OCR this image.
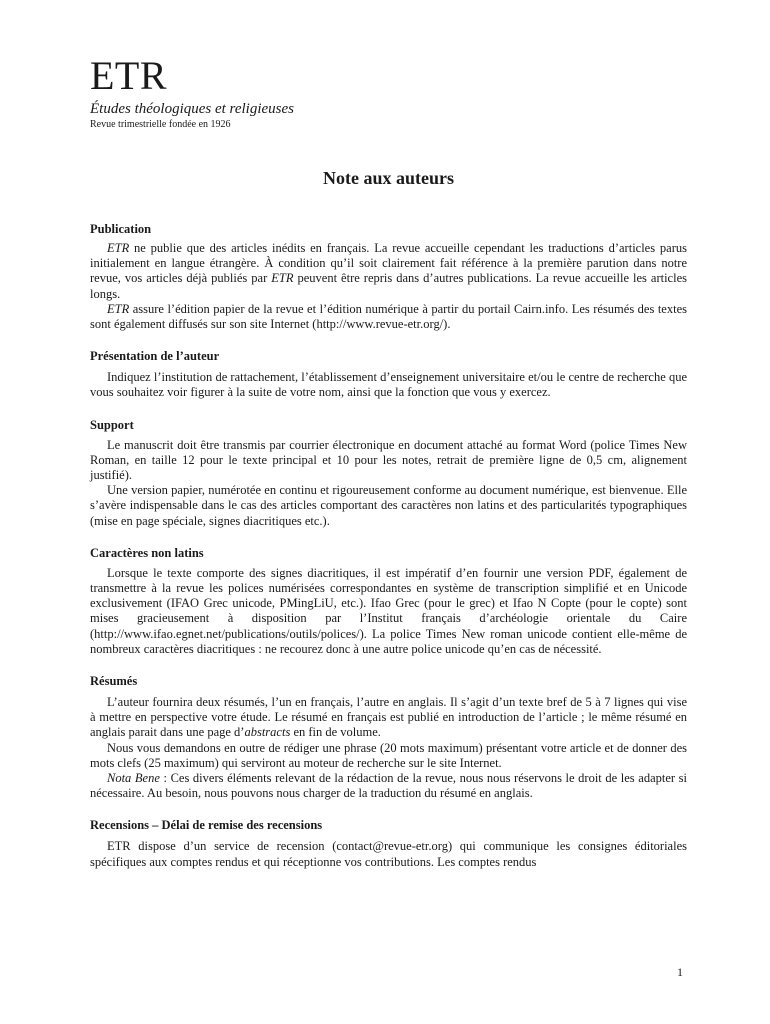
ETR
Études théologiques et religieuses
Revue trimestrielle fondée en 1926
Note aux auteurs
Publication

ETR ne publie que des articles inédits en français. La revue accueille cependant les traductions d’articles parus initialement en langue étrangère. À condition qu’il soit clairement fait référence à la première parution dans notre revue, vos articles déjà publiés par ETR peuvent être repris dans d’autres publications. La revue accueille les articles longs.

ETR assure l’édition papier de la revue et l’édition numérique à partir du portail Cairn.info. Les résumés des textes sont également diffusés sur son site Internet (http://www.revue-etr.org/).

Présentation de l’auteur

Indiquez l’institution de rattachement, l’établissement d’enseignement universitaire et/ou le centre de recherche que vous souhaitez voir figurer à la suite de votre nom, ainsi que la fonction que vous y exercez.

Support

Le manuscrit doit être transmis par courrier électronique en document attaché au format Word (police Times New Roman, en taille 12 pour le texte principal et 10 pour les notes, retrait de première ligne de 0,5 cm, alignement justifié).

Une version papier, numérotée en continu et rigoureusement conforme au document numérique, est bienvenue. Elle s’avère indispensable dans le cas des articles comportant des caractères non latins et des particularités typographiques (mise en page spéciale, signes diacritiques etc.).

Caractères non latins

Lorsque le texte comporte des signes diacritiques, il est impératif d’en fournir une version PDF, également de transmettre à la revue les polices numérisées correspondantes en système de transcription simplifié et en Unicode exclusivement (IFAO Grec unicode, PMingLiU, etc.). Ifao Grec (pour le grec) et Ifao N Copte (pour le copte) sont mises gracieusement à disposition par l’Institut français d’archéologie orientale du Caire (http://www.ifao.egnet.net/publications/outils/polices/). La police Times New roman unicode contient elle-même de nombreux caractères diacritiques : ne recourez donc à une autre police unicode qu’en cas de nécessité.

Résumés

L’auteur fournira deux résumés, l’un en français, l’autre en anglais. Il s’agit d’un texte bref de 5 à 7 lignes qui vise à mettre en perspective votre étude. Le résumé en français est publié en introduction de l’article ; le même résumé en anglais parait dans une page d’abstracts en fin de volume.

Nous vous demandons en outre de rédiger une phrase (20 mots maximum) présentant votre article et de donner des mots clefs (25 maximum) qui serviront au moteur de recherche sur le site Internet.

Nota Bene : Ces divers éléments relevant de la rédaction de la revue, nous nous réservons le droit de les adapter si nécessaire. Au besoin, nous pouvons nous charger de la traduction du résumé en anglais.

Recensions – Délai de remise des recensions

ETR dispose d’un service de recension (contact@revue-etr.org) qui communique les consignes éditoriales spécifiques aux comptes rendus et qui réceptionne vos contributions. Les comptes rendus

1
